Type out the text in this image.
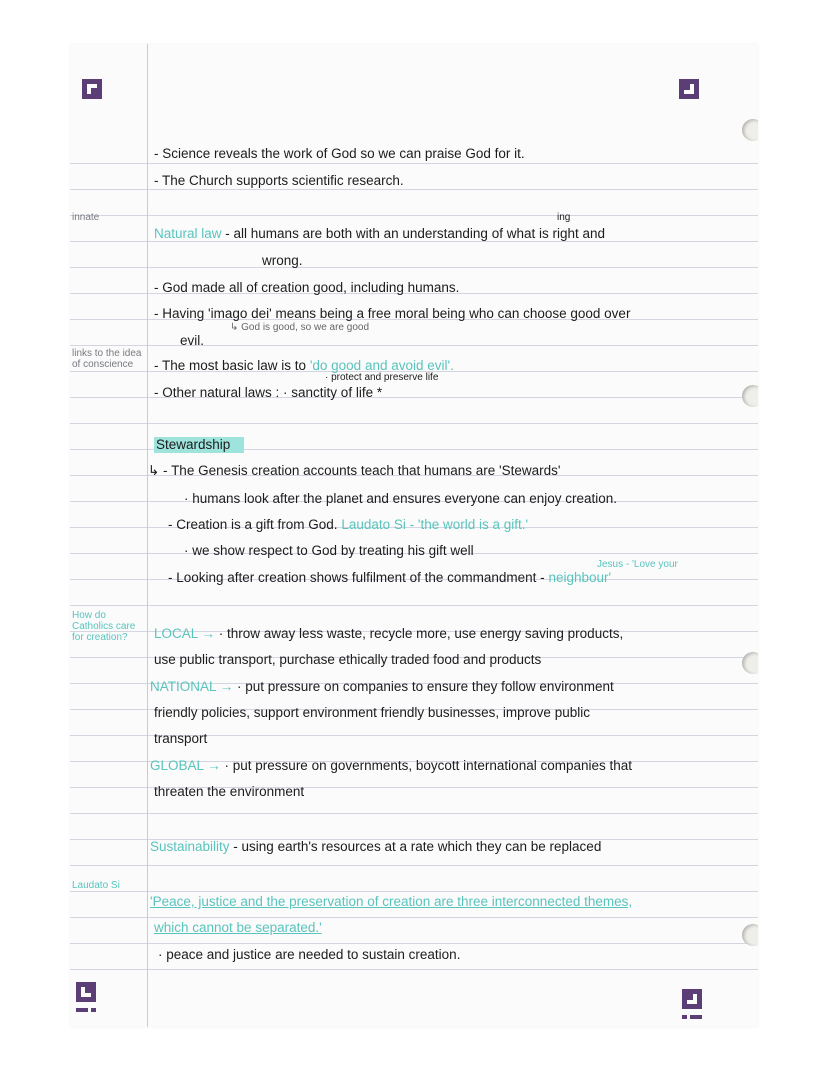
innate
links to the idea of conscience
How do Catholics care for creation?
Laudato Si
- Science reveals the work of God so we can praise God for it.
- The Church supports scientific research.
Natural law - all humans are both with an understanding of what is right and
ing
wrong.
- God made all of creation good, including humans.
- Having 'imago dei' means being a free moral being who can choose good over
↳ God is good, so we are good
evil.
- The most basic law is to 'do good and avoid evil'.
· protect and preserve life
- Other natural laws : · sanctity of life *
Stewardship
↳ - The Genesis creation accounts teach that humans are 'Stewards'
· humans look after the planet and ensures everyone can enjoy creation.
- Creation is a gift from God. Laudato Si - 'the world is a gift.'
· we show respect to God by treating his gift well
Jesus - 'Love your
- Looking after creation shows fulfilment of the commandment - neighbour'
LOCAL → · throw away less waste, recycle more, use energy saving products,
use public transport, purchase ethically traded food and products
NATIONAL → · put pressure on companies to ensure they follow environment
friendly policies, support environment friendly businesses, improve public
transport
GLOBAL → · put pressure on governments, boycott international companies that
threaten the environment
Sustainability - using earth's resources at a rate which they can be replaced
'Peace, justice and the preservation of creation are three interconnected themes,
which cannot be separated.'
· peace and justice are needed to sustain creation.
